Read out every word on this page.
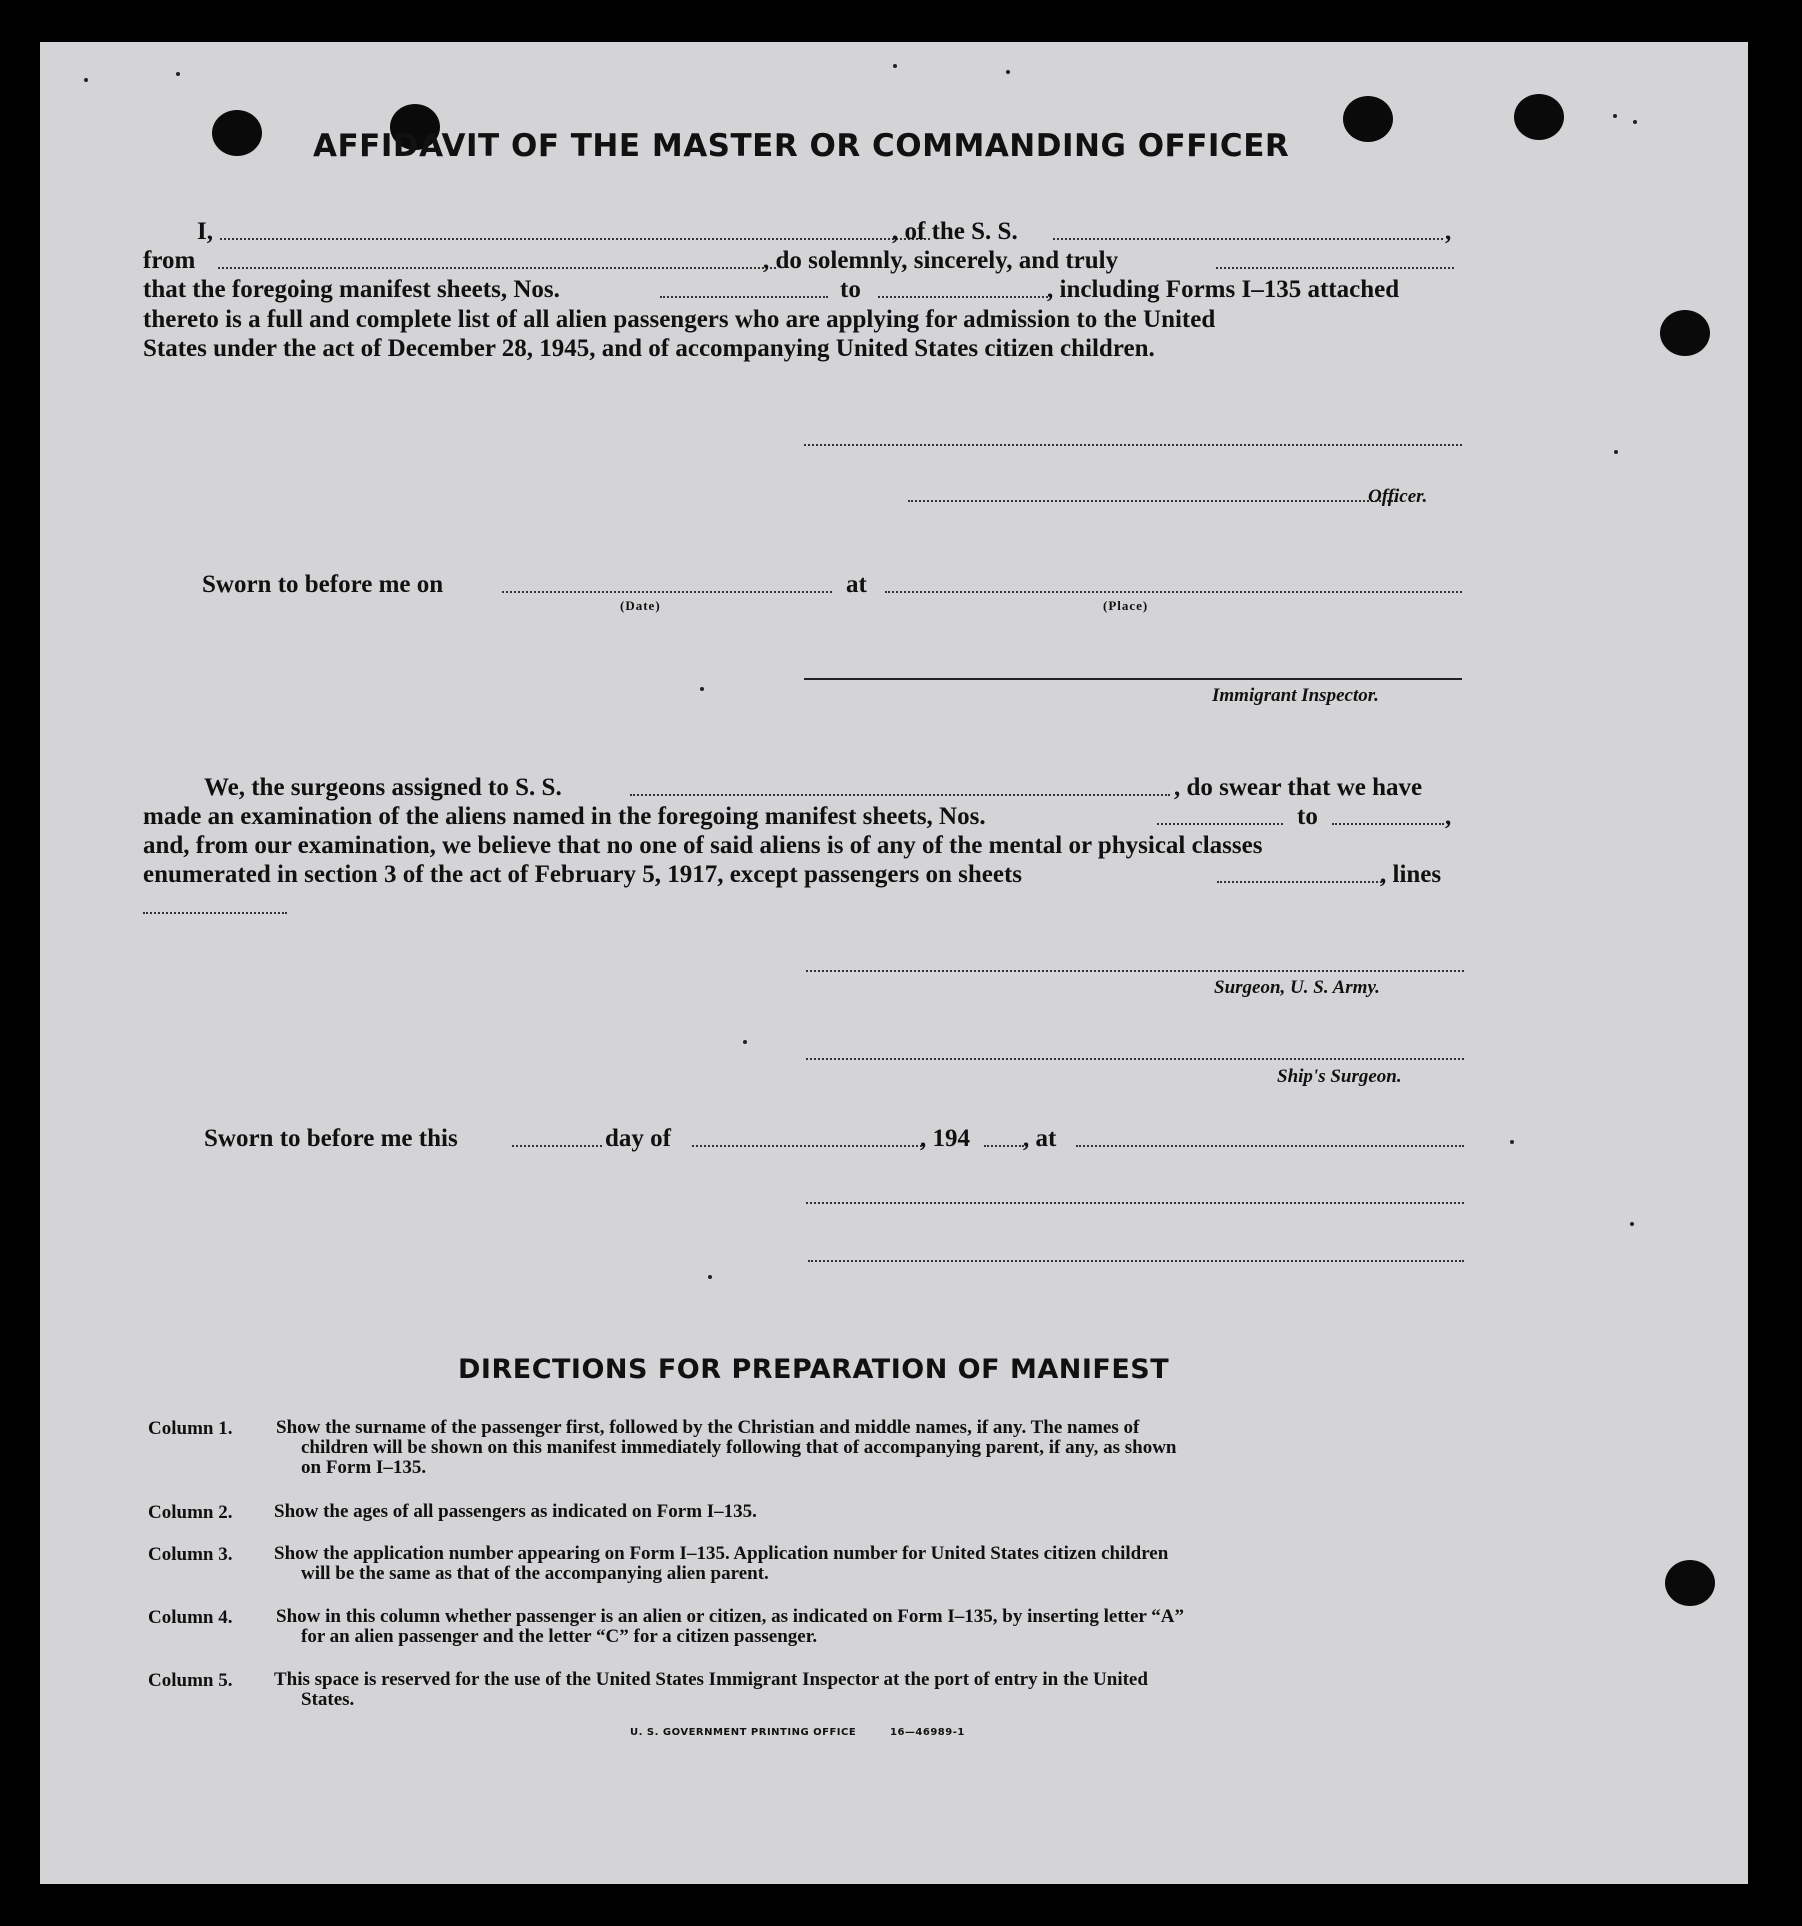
AFFIDAVIT OF THE MASTER OR COMMANDING OFFICER
I,	, of the S. S.	,
from	, do solemnly, sincerely, and truly
that the foregoing manifest sheets, Nos.	to	, including Forms I–135 attached
thereto is a full and complete list of all alien passengers who are applying for admission to the United
States under the act of December 28, 1945, and of accompanying United States citizen children.
Officer.
Sworn to before me on	at
(Date)	(Place)
Immigrant Inspector.
We, the surgeons assigned to S. S.	, do swear that we have
made an examination of the aliens named in the foregoing manifest sheets, Nos.	to	,
and, from our examination, we believe that no one of said aliens is of any of the mental or physical classes
enumerated in section 3 of the act of February 5, 1917, except passengers on sheets	, lines
Surgeon, U. S. Army.
Ship's Surgeon.
Sworn to before me this	day of	, 194 , at
DIRECTIONS FOR PREPARATION OF MANIFEST
Column 1. Show the surname of the passenger first, followed by the Christian and middle names, if any. The names of
children will be shown on this manifest immediately following that of accompanying parent, if any, as shown
on Form I–135.
Column 2. Show the ages of all passengers as indicated on Form I–135.
Column 3. Show the application number appearing on Form I–135. Application number for United States citizen children
will be the same as that of the accompanying alien parent.
Column 4. Show in this column whether passenger is an alien or citizen, as indicated on Form I–135, by inserting letter “A”
for an alien passenger and the letter “C” for a citizen passenger.
Column 5. This space is reserved for the use of the United States Immigrant Inspector at the port of entry in the United
States.
U. S. GOVERNMENT PRINTING OFFICE	16—46989-1
